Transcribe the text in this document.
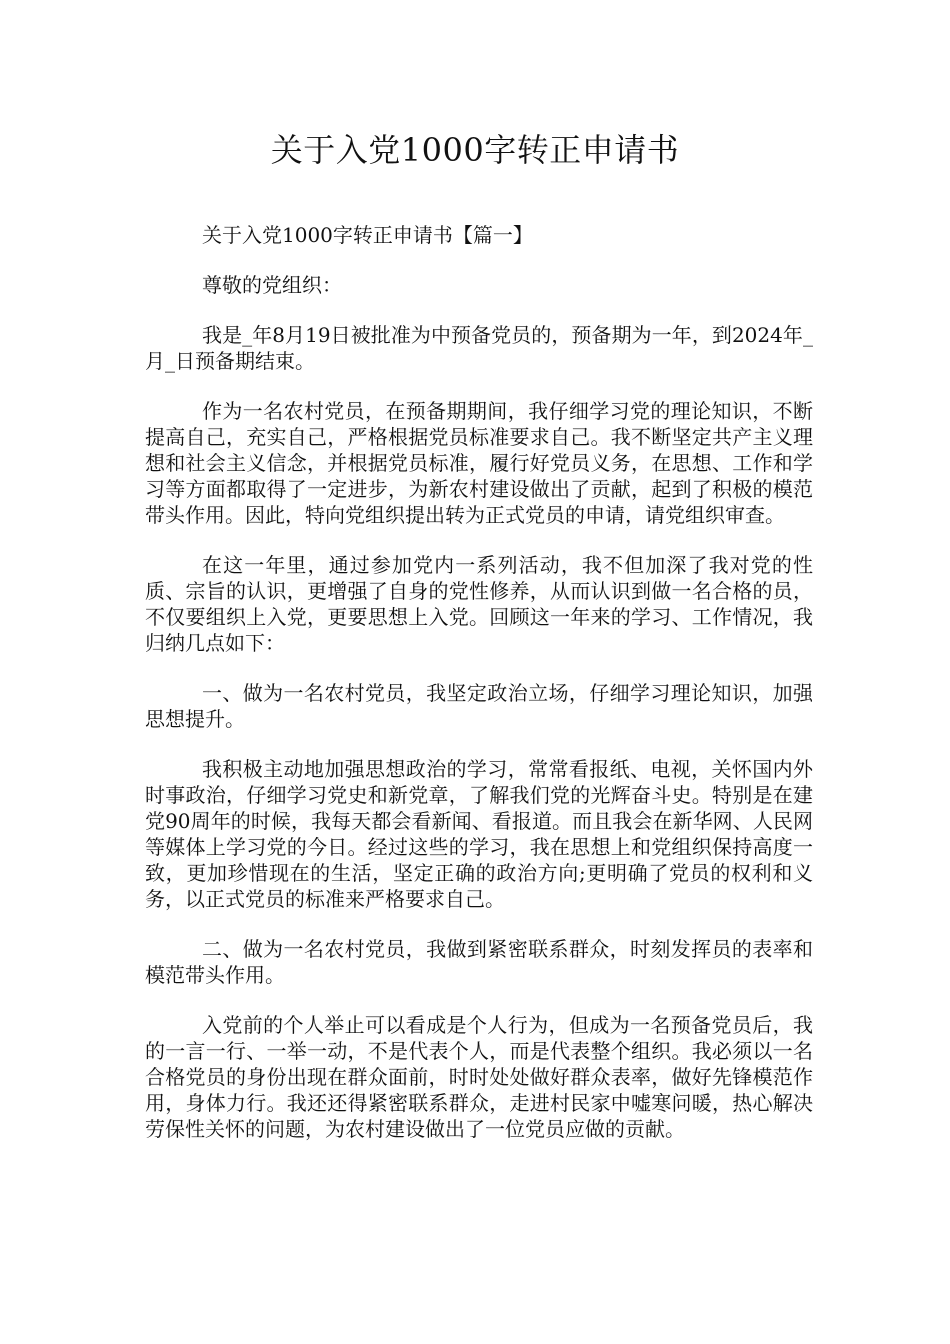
关于入党1000字转正申请书

关于入党1000字转正申请书【篇一】

尊敬的党组织：

我是_年8月19日被批准为中预备党员的，预备期为一年，到2024年_月_日预备期结束。

作为一名农村党员，在预备期期间，我仔细学习党的理论知识，不断提高自己，充实自己，严格根据党员标准要求自己。我不断坚定共产主义理想和社会主义信念，并根据党员标准，履行好党员义务，在思想、工作和学习等方面都取得了一定进步，为新农村建设做出了贡献，起到了积极的模范带头作用。因此，特向党组织提出转为正式党员的申请，请党组织审查。

在这一年里，通过参加党内一系列活动，我不但加深了我对党的性质、宗旨的认识，更增强了自身的党性修养，从而认识到做一名合格的员，不仅要组织上入党，更要思想上入党。回顾这一年来的学习、工作情况，我归纳几点如下：

一、做为一名农村党员，我坚定政治立场，仔细学习理论知识，加强思想提升。

我积极主动地加强思想政治的学习，常常看报纸、电视，关怀国内外时事政治，仔细学习党史和新党章，了解我们党的光辉奋斗史。特别是在建党90周年的时候，我每天都会看新闻、看报道。而且我会在新华网、人民网等媒体上学习党的今日。经过这些的学习，我在思想上和党组织保持高度一致，更加珍惜现在的生活，坚定正确的政治方向;更明确了党员的权利和义务，以正式党员的标准来严格要求自己。

二、做为一名农村党员，我做到紧密联系群众，时刻发挥员的表率和模范带头作用。

入党前的个人举止可以看成是个人行为，但成为一名预备党员后，我的一言一行、一举一动，不是代表个人，而是代表整个组织。我必须以一名合格党员的身份出现在群众面前，时时处处做好群众表率，做好先锋模范作用，身体力行。我还还得紧密联系群众，走进村民家中嘘寒问暖，热心解决劳保性关怀的问题，为农村建设做出了一位党员应做的贡献。
